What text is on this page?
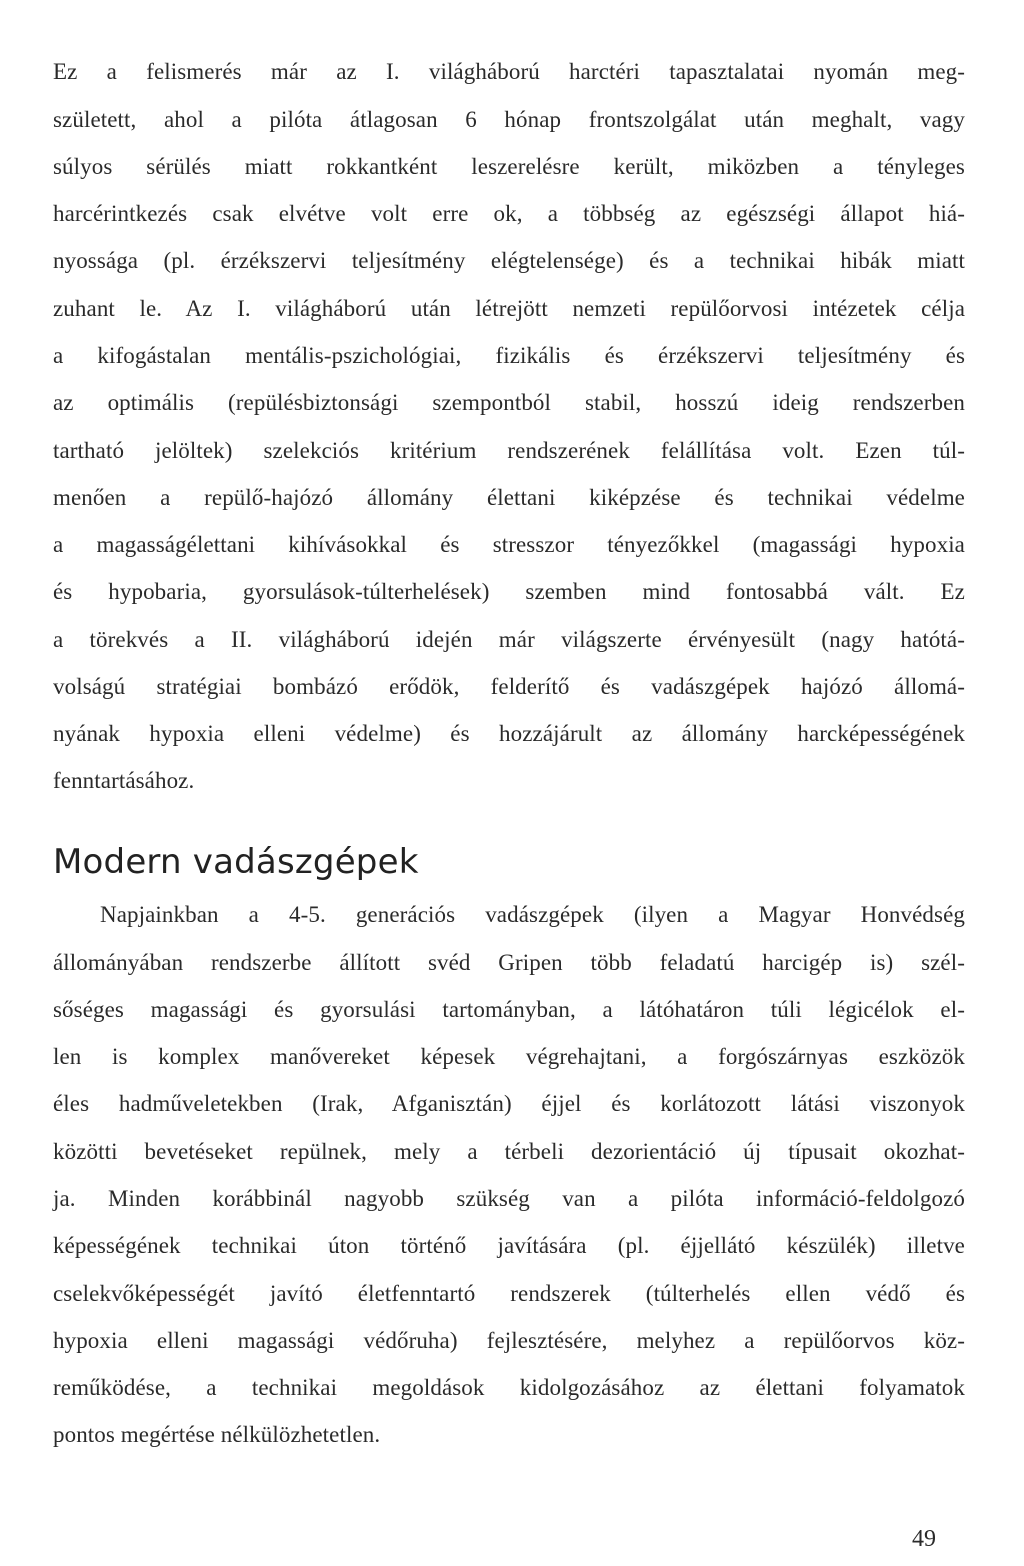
Ez a felismerés már az I. világháború harctéri tapasztalatai nyomán meg-
született, ahol a pilóta átlagosan 6 hónap frontszolgálat után meghalt, vagy
súlyos sérülés miatt rokkantként leszerelésre került, miközben a tényleges
harcérintkezés csak elvétve volt erre ok, a többség az egészségi állapot hiá-
nyossága (pl. érzékszervi teljesítmény elégtelensége) és a technikai hibák miatt
zuhant le. Az I. világháború után létrejött nemzeti repülőorvosi intézetek célja
a kifogástalan mentális-pszichológiai, fizikális és érzékszervi teljesítmény és
az optimális (repülésbiztonsági szempontból stabil, hosszú ideig rendszerben
tartható jelöltek) szelekciós kritérium rendszerének felállítása volt. Ezen túl-
menően a repülő-hajózó állomány élettani kiképzése és technikai védelme
a magasságélettani kihívásokkal és stresszor tényezőkkel (magassági hypoxia
és hypobaria, gyorsulások-túlterhelések) szemben mind fontosabbá vált. Ez
a törekvés a II. világháború idején már világszerte érvényesült (nagy hatótá-
volságú stratégiai bombázó erődök, felderítő és vadászgépek hajózó állomá-
nyának hypoxia elleni védelme) és hozzájárult az állomány harcképességének
fenntartásához.
Modern vadászgépek
Napjainkban a 4-5. generációs vadászgépek (ilyen a Magyar Honvédség
állományában rendszerbe állított svéd Gripen több feladatú harcigép is) szél-
sőséges magassági és gyorsulási tartományban, a látóhatáron túli légicélok el-
len is komplex manővereket képesek végrehajtani, a forgószárnyas eszközök
éles hadműveletekben (Irak, Afganisztán) éjjel és korlátozott látási viszonyok
közötti bevetéseket repülnek, mely a térbeli dezorientáció új típusait okozhat-
ja. Minden korábbinál nagyobb szükség van a pilóta információ-feldolgozó
képességének technikai úton történő javítására (pl. éjjellátó készülék) illetve
cselekvőképességét javító életfenntartó rendszerek (túlterhelés ellen védő és
hypoxia elleni magassági védőruha) fejlesztésére, melyhez a repülőorvos köz-
reműködése, a technikai megoldások kidolgozásához az élettani folyamatok
pontos megértése nélkülözhetetlen.
49
